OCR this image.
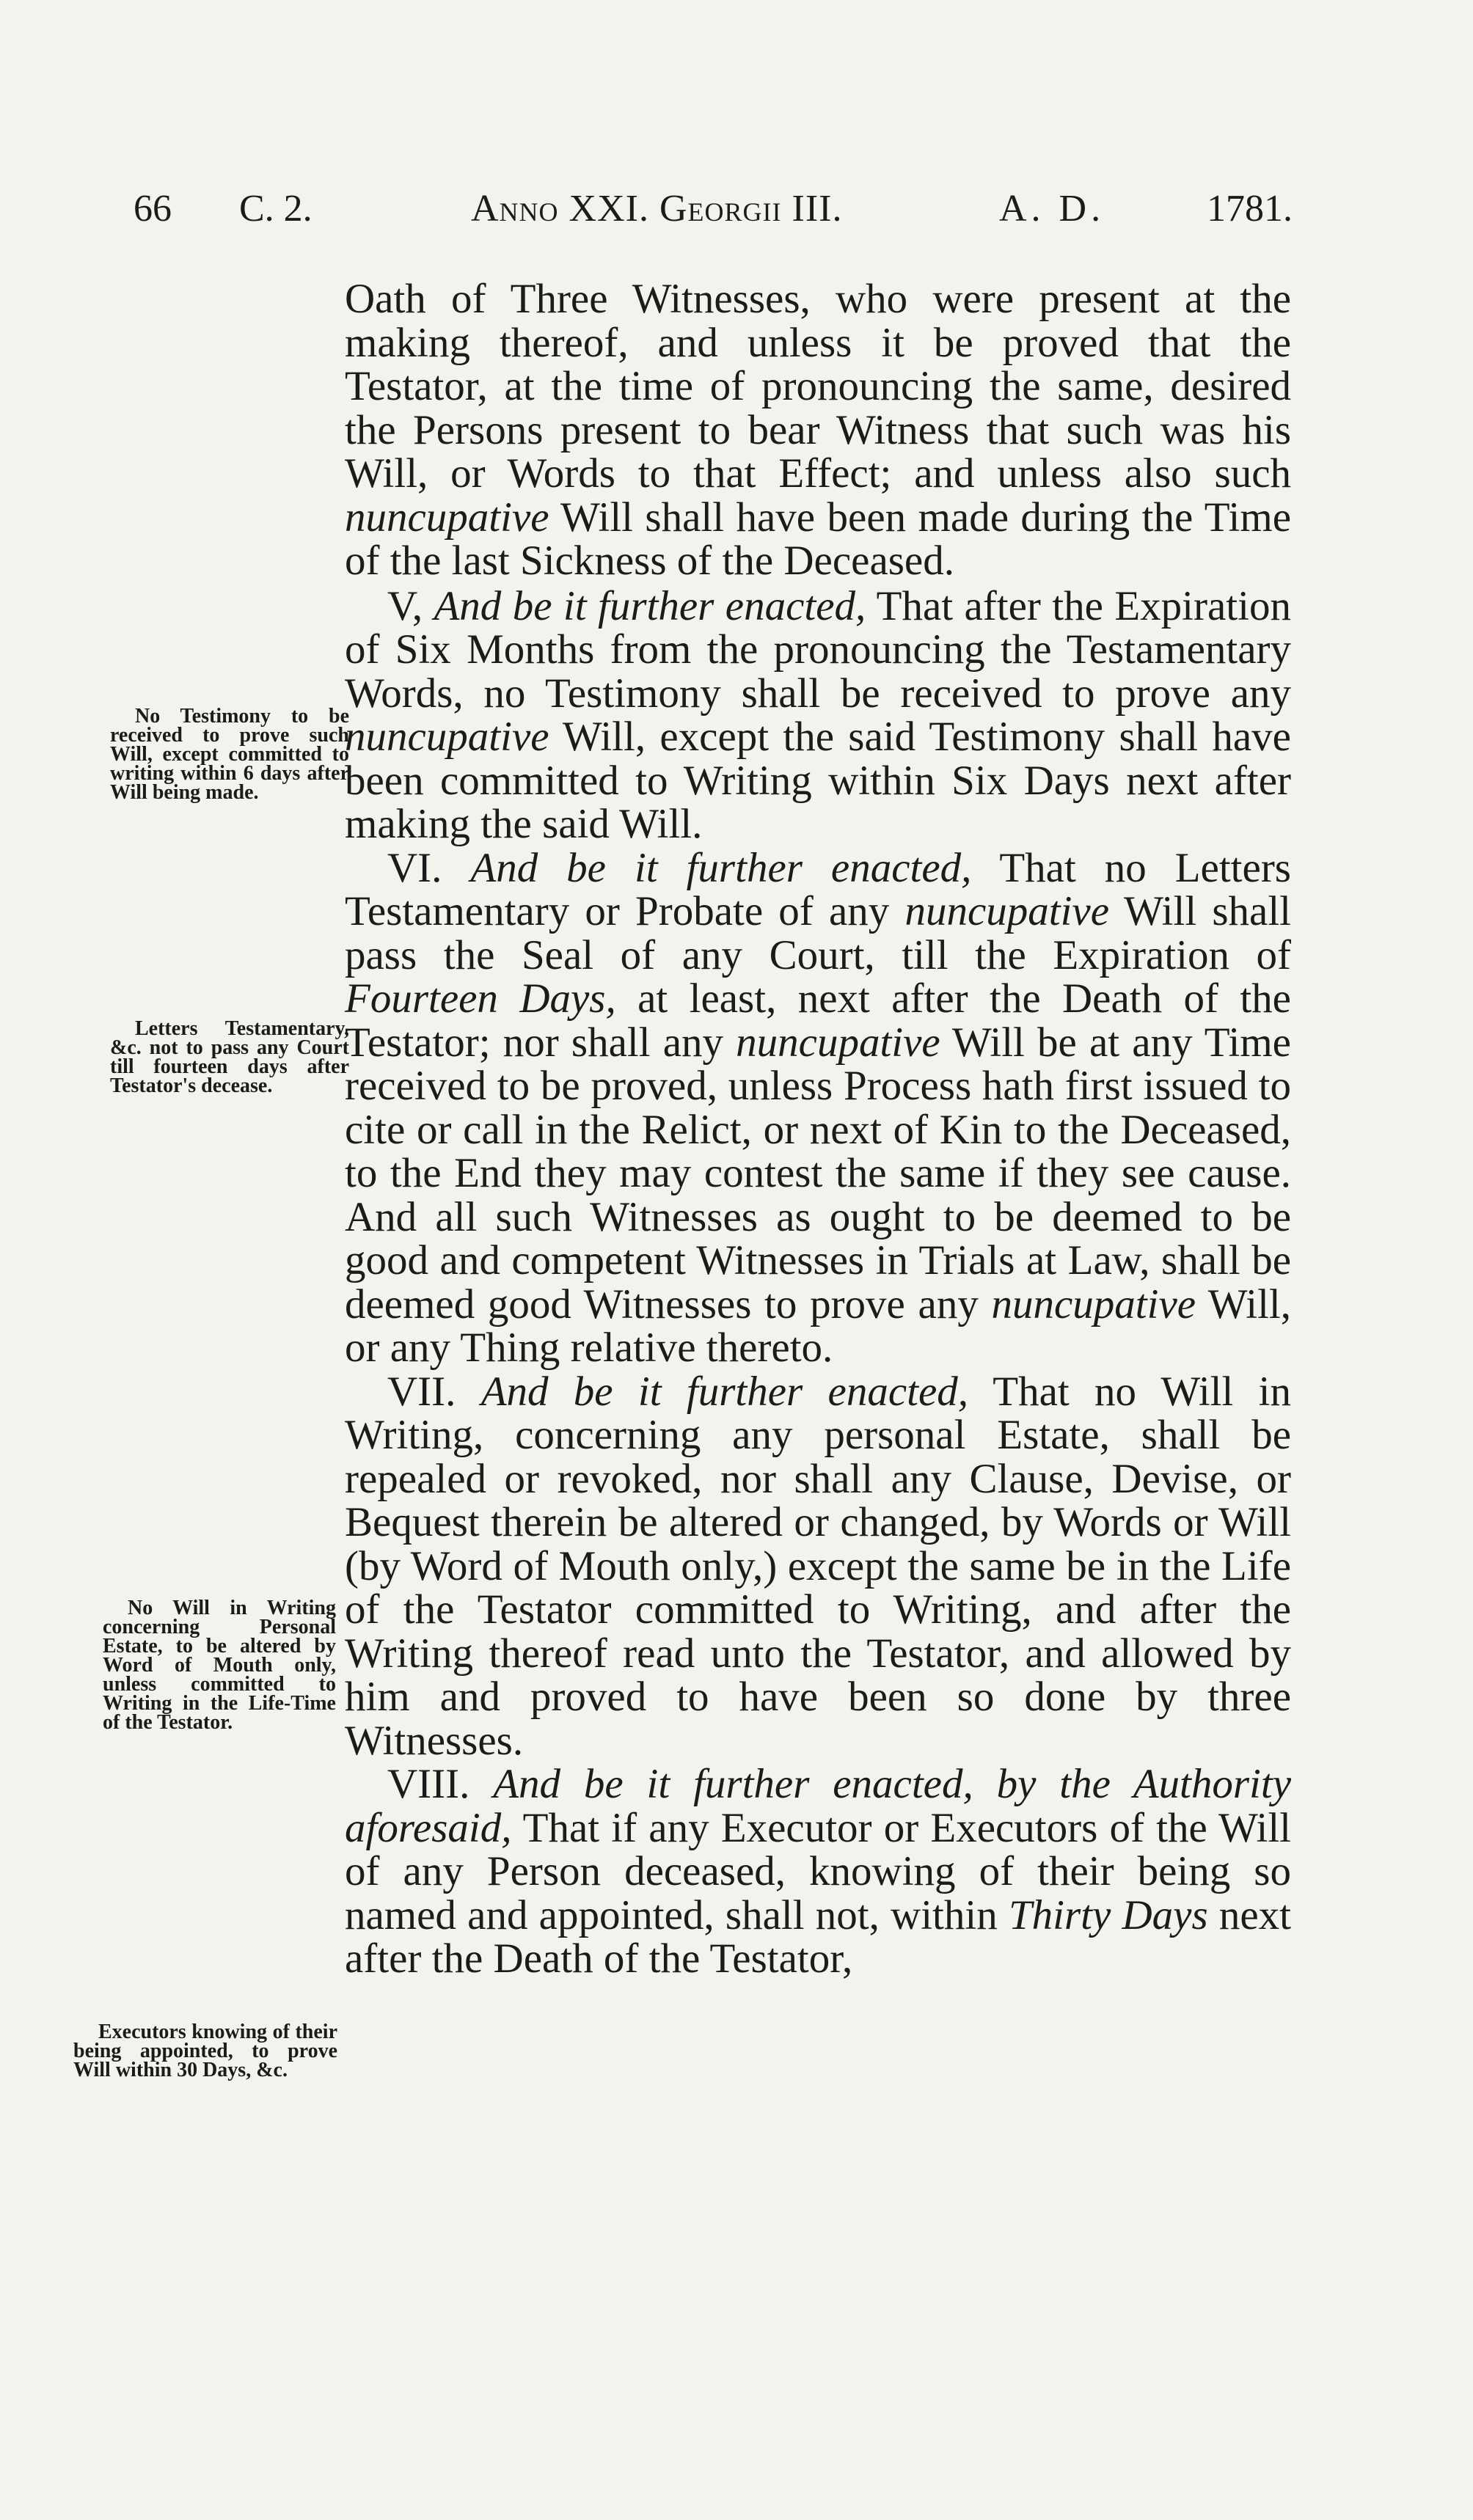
66 C. 2.	Anno XXI. Georgii III.	A. D.	1781.

Oath of Three Witnesses, who were present at the making thereof, and unless it be proved that the Testator, at the time of pronouncing the same, desired the Persons present to bear Witness that such was his Will, or Words to that Effect; and unless also such nuncupative Will shall have been made during the Time of the last Sickness of the Deceased.

V, And be it further enacted, That after the Expiration of Six Months from the pronouncing the Testamentary Words, no Testimony shall be received to prove any nuncupative Will, except the said Testimony shall have been committed to Writing within Six Days next after making the said Will.

VI. And be it further enacted, That no Letters Testamentary or Probate of any nuncupative Will shall pass the Seal of any Court, till the Expiration of Fourteen Days, at least, next after the Death of the Testator; nor shall any nuncupative Will be at any Time received to be proved, unless Process hath first issued to cite or call in the Relict, or next of Kin to the Deceased, to the End they may contest the same if they see cause. And all such Witnesses as ought to be deemed to be good and competent Witnesses in Trials at Law, shall be deemed good Witnesses to prove any nuncupative Will, or any Thing relative thereto.

VII. And be it further enacted, That no Will in Writing, concerning any personal Estate, shall be repealed or revoked, nor shall any Clause, Devise, or Bequest therein be altered or changed, by Words or Will (by Word of Mouth only,) except the same be in the Life of the Testator committed to Writing, and after the Writing thereof read unto the Testator, and allowed by him and proved to have been so done by three Witnesses.

VIII. And be it further enacted, by the Authority aforesaid, That if any Executor or Executors of the Will of any Person deceased, knowing of their being so named and appointed, shall not, within Thirty Days next after the Death of the Testator,

No Testimony to be received to prove such Will, except committed to writing within 6 days after Will being made.
Letters Testamentary, &c. not to pass any Court till fourteen days after Testator's decease.
No Will in Writing concerning Personal Estate, to be altered by Word of Mouth only, unless committed to Writing in the Life-Time of the Testator.
Executors knowing of their being appointed, to prove Will within 30 Days, &c.
